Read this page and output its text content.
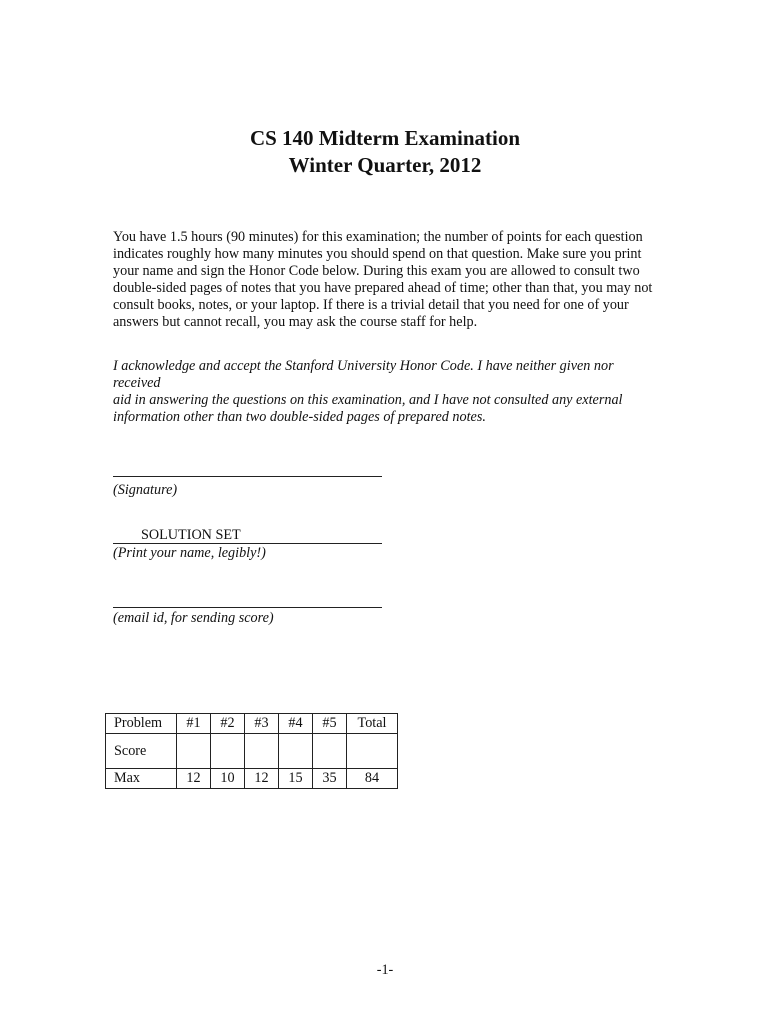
CS 140 Midterm Examination
Winter Quarter, 2012
You have 1.5 hours (90 minutes) for this examination; the number of points for each question
indicates roughly how many minutes you should spend on that question. Make sure you print
your name and sign the Honor Code below. During this exam you are allowed to consult two
double-sided pages of notes that you have prepared ahead of time; other than that, you may not
consult books, notes, or your laptop. If there is a trivial detail that you need for one of your
answers but cannot recall, you may ask the course staff for help.
I acknowledge and accept the Stanford University Honor Code. I have neither given nor received
aid in answering the questions on this examination, and I have not consulted any external
information other than two double-sided pages of prepared notes.
(Signature)
SOLUTION SET
(Print your name, legibly!)
(email id, for sending score)
Problem	#1	#2	#3	#4	#5	Total
Score						
Max	12	10	12	15	35	84
-1-
